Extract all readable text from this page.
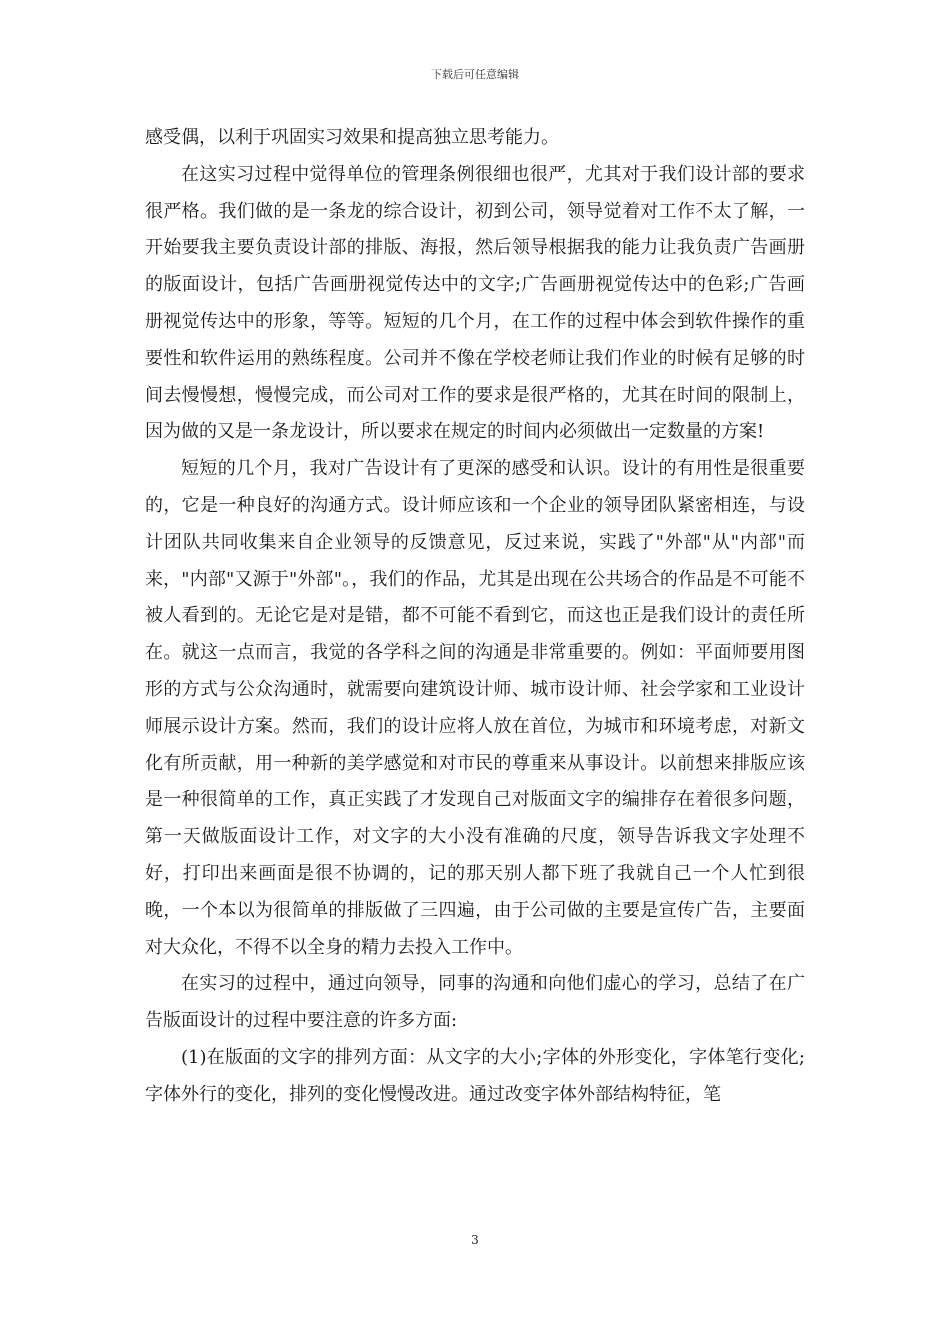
下载后可任意编辑

感受偶，以利于巩固实习效果和提高独立思考能力。

在这实习过程中觉得单位的管理条例很细也很严，尤其对于我们设计部的要求很严格。我们做的是一条龙的综合设计，初到公司，领导觉着对工作不太了解，一开始要我主要负责设计部的排版、海报，然后领导根据我的能力让我负责广告画册的版面设计，包括广告画册视觉传达中的文字;广告画册视觉传达中的色彩;广告画册视觉传达中的形象，等等。短短的几个月，在工作的过程中体会到软件操作的重要性和软件运用的熟练程度。公司并不像在学校老师让我们作业的时候有足够的时间去慢慢想，慢慢完成，而公司对工作的要求是很严格的，尤其在时间的限制上，因为做的又是一条龙设计，所以要求在规定的时间内必须做出一定数量的方案!

短短的几个月，我对广告设计有了更深的感受和认识。设计的有用性是很重要的，它是一种良好的沟通方式。设计师应该和一个企业的领导团队紧密相连，与设计团队共同收集来自企业领导的反馈意见，反过来说，实践了"外部"从"内部"而来，"内部"又源于"外部"。，我们的作品，尤其是出现在公共场合的作品是不可能不被人看到的。无论它是对是错，都不可能不看到它，而这也正是我们设计的责任所在。就这一点而言，我觉的各学科之间的沟通是非常重要的。例如：平面师要用图形的方式与公众沟通时，就需要向建筑设计师、城市设计师、社会学家和工业设计师展示设计方案。然而，我们的设计应将人放在首位，为城市和环境考虑，对新文化有所贡献，用一种新的美学感觉和对市民的尊重来从事设计。以前想来排版应该是一种很简单的工作，真正实践了才发现自己对版面文字的编排存在着很多问题，第一天做版面设计工作，对文字的大小没有准确的尺度，领导告诉我文字处理不好，打印出来画面是很不协调的，记的那天别人都下班了我就自己一个人忙到很晚，一个本以为很简单的排版做了三四遍，由于公司做的主要是宣传广告，主要面对大众化，不得不以全身的精力去投入工作中。

在实习的过程中，通过向领导，同事的沟通和向他们虚心的学习，总结了在广告版面设计的过程中要注意的许多方面:

(1)在版面的文字的排列方面：从文字的大小;字体的外形变化，字体笔行变化;字体外行的变化，排列的变化慢慢改进。通过改变字体外部结构特征，笔

3
